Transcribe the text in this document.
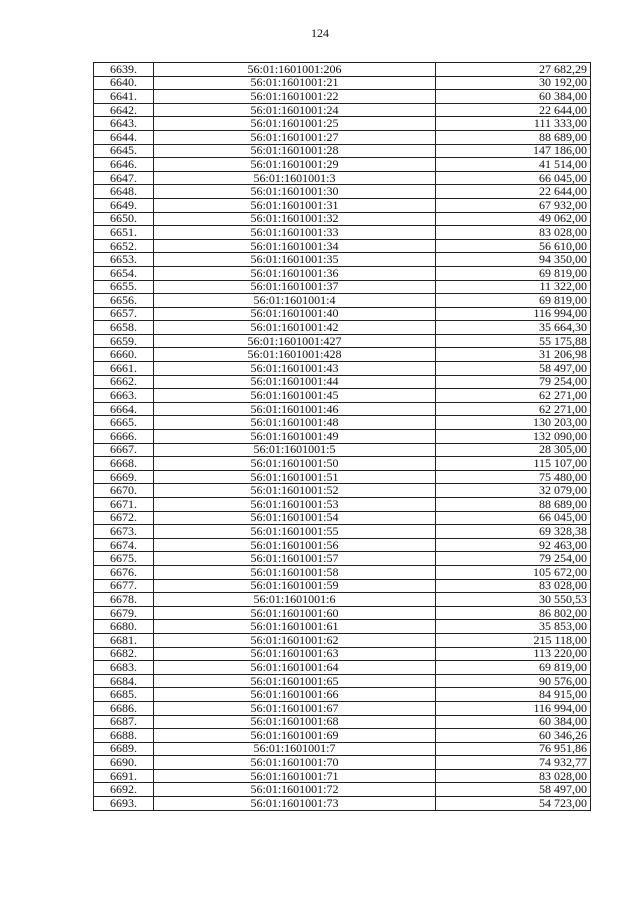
124
6639.	56:01:1601001:206	27 682,29
6640.	56:01:1601001:21	30 192,00
6641.	56:01:1601001:22	60 384,00
6642.	56:01:1601001:24	22 644,00
6643.	56:01:1601001:25	111 333,00
6644.	56:01:1601001:27	88 689,00
6645.	56:01:1601001:28	147 186,00
6646.	56:01:1601001:29	41 514,00
6647.	56:01:1601001:3	66 045,00
6648.	56:01:1601001:30	22 644,00
6649.	56:01:1601001:31	67 932,00
6650.	56:01:1601001:32	49 062,00
6651.	56:01:1601001:33	83 028,00
6652.	56:01:1601001:34	56 610,00
6653.	56:01:1601001:35	94 350,00
6654.	56:01:1601001:36	69 819,00
6655.	56:01:1601001:37	11 322,00
6656.	56:01:1601001:4	69 819,00
6657.	56:01:1601001:40	116 994,00
6658.	56:01:1601001:42	35 664,30
6659.	56:01:1601001:427	55 175,88
6660.	56:01:1601001:428	31 206,98
6661.	56:01:1601001:43	58 497,00
6662.	56:01:1601001:44	79 254,00
6663.	56:01:1601001:45	62 271,00
6664.	56:01:1601001:46	62 271,00
6665.	56:01:1601001:48	130 203,00
6666.	56:01:1601001:49	132 090,00
6667.	56:01:1601001:5	28 305,00
6668.	56:01:1601001:50	115 107,00
6669.	56:01:1601001:51	75 480,00
6670.	56:01:1601001:52	32 079,00
6671.	56:01:1601001:53	88 689,00
6672.	56:01:1601001:54	66 045,00
6673.	56:01:1601001:55	69 328,38
6674.	56:01:1601001:56	92 463,00
6675.	56:01:1601001:57	79 254,00
6676.	56:01:1601001:58	105 672,00
6677.	56:01:1601001:59	83 028,00
6678.	56:01:1601001:6	30 550,53
6679.	56:01:1601001:60	86 802,00
6680.	56:01:1601001:61	35 853,00
6681.	56:01:1601001:62	215 118,00
6682.	56:01:1601001:63	113 220,00
6683.	56:01:1601001:64	69 819,00
6684.	56:01:1601001:65	90 576,00
6685.	56:01:1601001:66	84 915,00
6686.	56:01:1601001:67	116 994,00
6687.	56:01:1601001:68	60 384,00
6688.	56:01:1601001:69	60 346,26
6689.	56:01:1601001:7	76 951,86
6690.	56:01:1601001:70	74 932,77
6691.	56:01:1601001:71	83 028,00
6692.	56:01:1601001:72	58 497,00
6693.	56:01:1601001:73	54 723,00
